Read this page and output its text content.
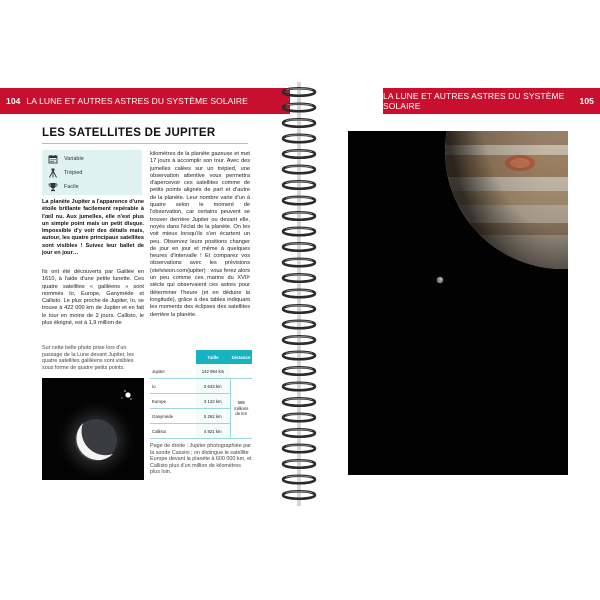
104 LA LUNE ET AUTRES ASTRES DU SYSTÈME SOLAIRE	LA LUNE ET AUTRES ASTRES DU SYSTÈME SOLAIRE	105
LES SATELLITES DE JUPITER
Variable
Trépied
Facile

La planète Jupiter a l'apparence d'une étoile brillante facilement repérable à l'œil nu. Aux jumelles, elle n'est plus un simple point mais un petit disque. Impossible d'y voir des détails mais, autour, les quatre principaux satellites sont visibles ! Suivez leur ballet de jour en jour…

Ils ont été découverts par Galilée en 1610, à l'aide d'une petite lunette. Ces quatre satellites « galiléens » sont nommés Io, Europe, Ganymède et Callisto. Le plus proche de Jupiter, Io, se trouve à 422 000 km de Jupiter et en fait le tour en moins de 2 jours. Callisto, le plus éloigné, est à 1,9 million de

kilomètres de la planète gazeuse et met 17 jours à accomplir son tour. Avec des jumelles calées sur un trépied, une observation attentive vous permettra d'apercevoir ces satellites comme de petits points alignés de part et d'autre de la planète. Leur nombre varie d'un à quatre selon le moment de l'observation, car certains peuvent se trouver derrière Jupiter ou devant elle, noyés dans l'éclat de la planète. On les voit mieux lorsqu'ils s'en écartent un peu. Observez leurs positions changer de jour en jour et même à quelques heures d'intervalle ! Et comparez vos observations avec les prévisions (stelvision.com/jupiter) : vous ferez alors un peu comme ces marins du XVIIᵉ siècle qui observaient ces astres pour déterminer l'heure (et en déduire la longitude), grâce à des tables indiquant les moments des éclipses des satellites derrière la planète.

Sur cette belle photo prise lors d'un passage de la Lune devant Jupiter, les quatre satellites galiléens sont visibles sous forme de quatre petits points.
	Taille	Distance
Jupiter	142 984 km	
Io	3 643 km	588
millions de km
Europe	3 122 km	
Ganymède	5 262 km	
Callisto	4 821 km	
Page de droite : Jupiter photographiée par la sonde Cassini ; on distingue le satellite Europe devant la planète à 600 000 km, et Callisto plus d'un million de kilomètres plus loin.
